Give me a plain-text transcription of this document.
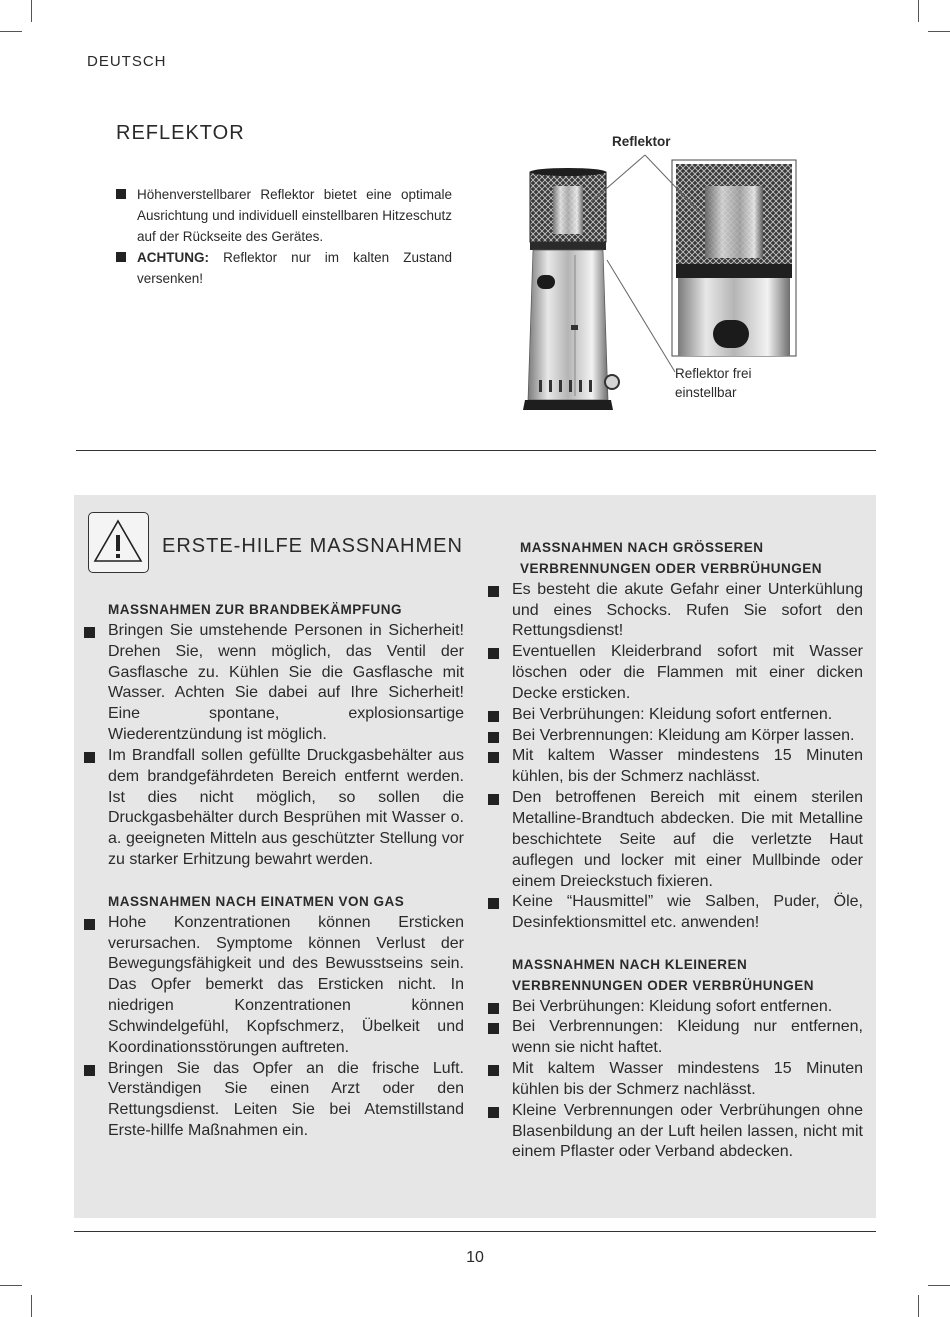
DEUTSCH
REFLEKTOR
Höhenverstellbarer Reflektor bietet eine optimale Ausrichtung und individuell einstellbaren Hitzeschutz auf der Rückseite des Gerätes.
ACHTUNG: Reflektor nur im kalten Zustand versenken!
Reflektor
Reflektor frei
einstellbar
ERSTE-HILFE MASSNAHMEN

MASSNAHMEN ZUR BRANDBEKÄMPFUNG

Bringen Sie umstehende Personen in Sicherheit! Drehen Sie, wenn möglich, das Ventil der Gasflasche zu. Kühlen Sie die Gasflasche mit Wasser. Achten Sie dabei auf Ihre Sicherheit! Eine spontane, explosionsartige Wiederentzündung ist möglich.
Im Brandfall sollen gefüllte Druckgasbehälter aus dem brandgefährdeten Bereich entfernt werden. Ist dies nicht möglich, so sollen die Druckgasbehälter durch Besprühen mit Wasser o. a. geeigneten Mitteln aus geschützter Stellung vor zu starker Erhitzung bewahrt werden.

MASSNAHMEN NACH EINATMEN VON GAS

Hohe Konzentrationen können Ersticken verursachen. Symptome können Verlust der Bewegungsfähigkeit und des Bewusstseins sein. Das Opfer bemerkt das Ersticken nicht. In niedrigen Konzentrationen können Schwindelgefühl, Kopfschmerz, Übelkeit und Koordinationsstörungen auftreten.
Bringen Sie das Opfer an die frische Luft. Verständigen Sie einen Arzt oder den Rettungsdienst. Leiten Sie bei Atemstillstand Erste-hillfe Maßnahmen ein.

MASSNAHMEN NACH GRÖSSEREN
VERBRENNUNGEN ODER VERBRÜHUNGEN

Es besteht die akute Gefahr einer Unterkühlung und eines Schocks. Rufen Sie sofort den Rettungsdienst!
Eventuellen Kleiderbrand sofort mit Wasser löschen oder die Flammen mit einer dicken Decke ersticken.
Bei Verbrühungen: Kleidung sofort entfernen.
Bei Verbrennungen: Kleidung am Körper lassen.
Mit kaltem Wasser mindestens 15 Minuten kühlen, bis der Schmerz nachlässt.
Den betroffenen Bereich mit einem sterilen Metalline-Brandtuch abdecken. Die mit Metalline beschichtete Seite auf die verletzte Haut auflegen und locker mit einer Mullbinde oder einem Dreieckstuch fixieren.
Keine “Hausmittel” wie Salben, Puder, Öle, Desinfektionsmittel etc. anwenden!

MASSNAHMEN NACH KLEINEREN
VERBRENNUNGEN ODER VERBRÜHUNGEN

Bei Verbrühungen: Kleidung sofort entfernen.
Bei Verbrennungen: Kleidung nur entfernen, wenn sie nicht haftet.
Mit kaltem Wasser mindestens 15 Minuten kühlen bis der Schmerz nachlässt.
Kleine Verbrennungen oder Verbrühungen ohne Blasenbildung an der Luft heilen lassen, nicht mit einem Pflaster oder Verband abdecken.
10
